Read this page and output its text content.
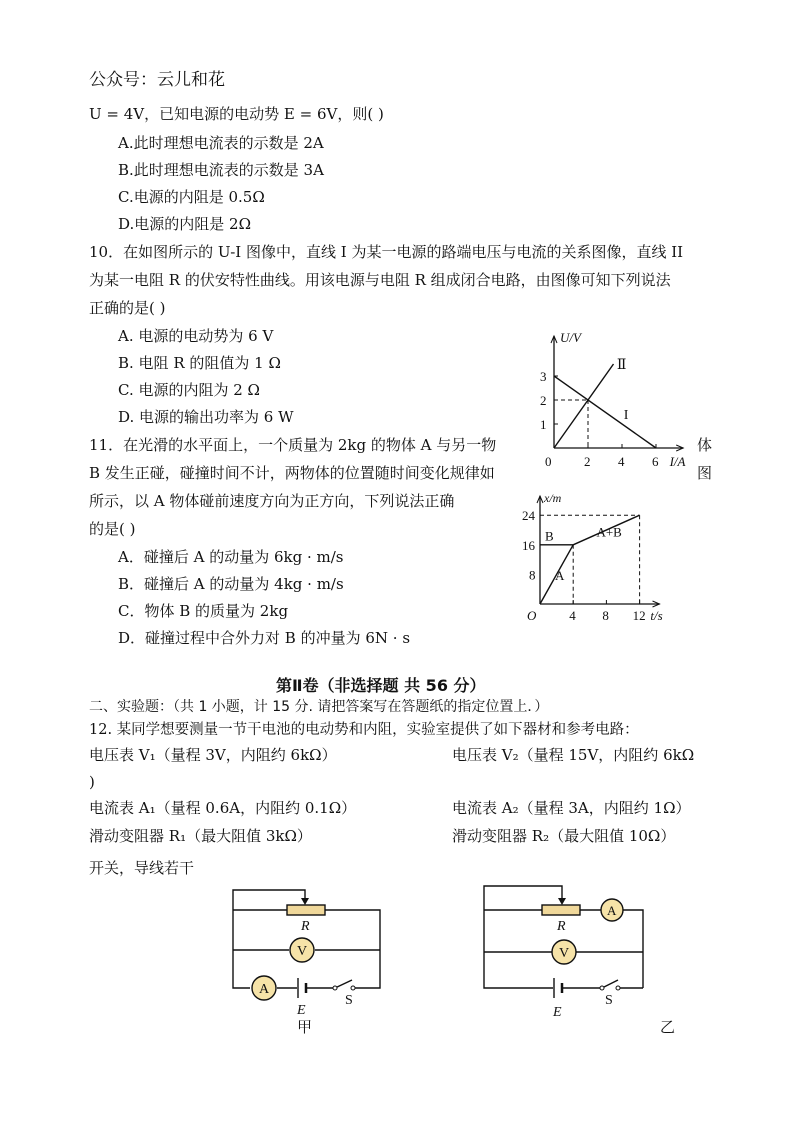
公众号：云儿和花
U = 4V，已知电源的电动势 E = 6V，则( )
A.此时理想电流表的示数是 2A
B.此时理想电流表的示数是 3A
C.电源的内阻是 0.5Ω
D.电源的内阻是 2Ω
10．在如图所示的 U-I 图像中，直线 I 为某一电源的路端电压与电流的关系图像，直线 II
为某一电阻 R 的伏安特性曲线。用该电源与电阻 R 组成闭合电路，由图像可知下列说法
正确的是( )
A. 电源的电动势为 6 V
B. 电阻 R 的阻值为 1 Ω
C. 电源的内阻为 2 Ω
D. 电源的输出功率为 6 W
11．在光滑的水平面上，一个质量为 2kg 的物体 A 与另一物
B 发生正碰，碰撞时间不计，两物体的位置随时间变化规律如
所示，以 A 物体碰前速度方向为正方向，下列说法正确
的是( )
体
图
A．碰撞后 A 的动量为 6kg · m/s
B．碰撞后 A 的动量为 4kg · m/s
C．物体 B 的质量为 2kg
D．碰撞过程中合外力对 B 的冲量为 6N · s
第Ⅱ卷（非选择题 共 56 分）
二、实验题：（共 1 小题，计 15 分. 请把答案写在答题纸的指定位置上．）
12. 某同学想要测量一节干电池的电动势和内阻，实验室提供了如下器材和参考电路：
电压表 V₁（量程 3V，内阻约 6kΩ）	电压表 V₂（量程 15V，内阻约 6kΩ
)
电流表 A₁（量程 0.6A，内阻约 0.1Ω）	电流表 A₂（量程 3A，内阻约 1Ω）
滑动变阻器 R₁（最大阻值 3kΩ）	滑动变阻器 R₂（最大阻值 10Ω）
开关，导线若干
U/V
I/A
3
2
1
0	2 4 6
I
Ⅱ
x/m
t/s
24
16
8
O	4 8 12
B
A
A+B
R
V
A
E
S
甲
R
A
V
E
S
乙
